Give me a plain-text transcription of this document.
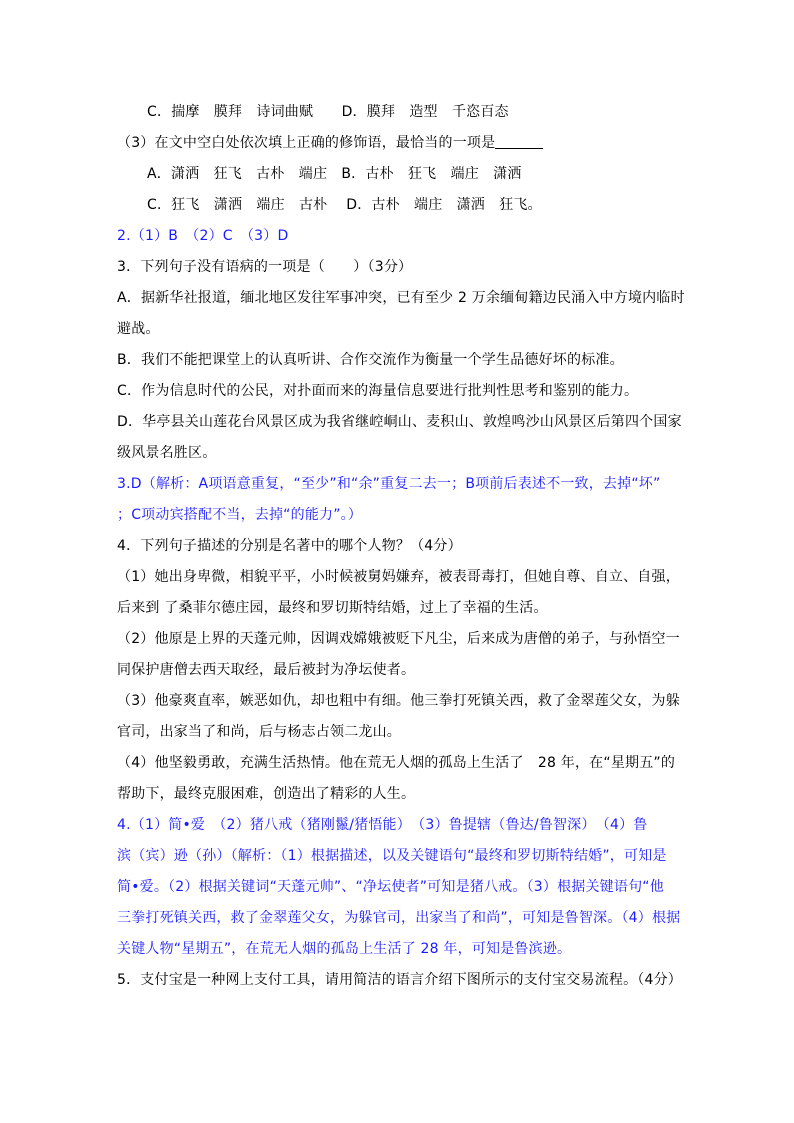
C．揣摩　膜拜　诗词曲赋　　D．膜拜　造型　千恣百态
（3）在文中空白处依次填上正确的修饰语，最恰当的一项是
A．潇洒　狂飞　古朴　端庄　B．古朴　狂飞　端庄　潇洒
C．狂飞　潇洒　端庄　古朴　 D．古朴　端庄　潇洒　狂飞。
2.（1）B　（2）C　（3）D
3．下列句子没有语病的一项是（　　）（3分）
A．据新华社报道，缅北地区发往军事冲突，已有至少 2 万余缅甸籍边民涌入中方境内临时
避战。
B．我们不能把课堂上的认真听讲、合作交流作为衡量一个学生品德好坏的标准。
C．作为信息时代的公民，对扑面而来的海量信息要进行批判性思考和鉴别的能力。
D．华亭县关山莲花台风景区成为我省继崆峒山、麦积山、敦煌鸣沙山风景区后第四个国家
级风景名胜区。
3.D（解析：A项语意重复，“至少”和“余”重复二去一；B项前后表述不一致，去掉“坏”
；C项动宾搭配不当，去掉“的能力”。）
4．下列句子描述的分别是名著中的哪个人物？（4分）
（1）她出身卑微，相貌平平，小时候被舅妈嫌弃，被表哥毒打，但她自尊、自立、自强，
后来到 了桑菲尔德庄园，最终和罗切斯特结婚，过上了幸福的生活。
（2）他原是上界的天蓬元帅，因调戏嫦娥被贬下凡尘，后来成为唐僧的弟子，与孙悟空一
同保护唐僧去西天取经，最后被封为净坛使者。
（3）他豪爽直率，嫉恶如仇，却也粗中有细。他三拳打死镇关西，救了金翠莲父女，为躲
官司，出家当了和尚，后与杨志占领二龙山。
（4）他坚毅勇敢，充满生活热情。他在荒无人烟的孤岛上生活了　28 年，在“星期五”的
帮助下，最终克服困难，创造出了精彩的人生。
4.（1）简•爱　（2）猪八戒（猪刚鬣/猪悟能）　（3）鲁提辖（鲁达/鲁智深）　（4）鲁
滨（宾）逊（孙）（解析：（1）根据描述，以及关键语句“最终和罗切斯特结婚”，可知是
简•爱。（2）根据关键词“天蓬元帅”、“净坛使者”可知是猪八戒。（3）根据关键语句“他
三拳打死镇关西，救了金翠莲父女，为躲官司，出家当了和尚”，可知是鲁智深。（4）根据
关键人物“星期五”，在荒无人烟的孤岛上生活了 28 年，可知是鲁滨逊。
5．支付宝是一种网上支付工具，请用简洁的语言介绍下图所示的支付宝交易流程。（4分）
